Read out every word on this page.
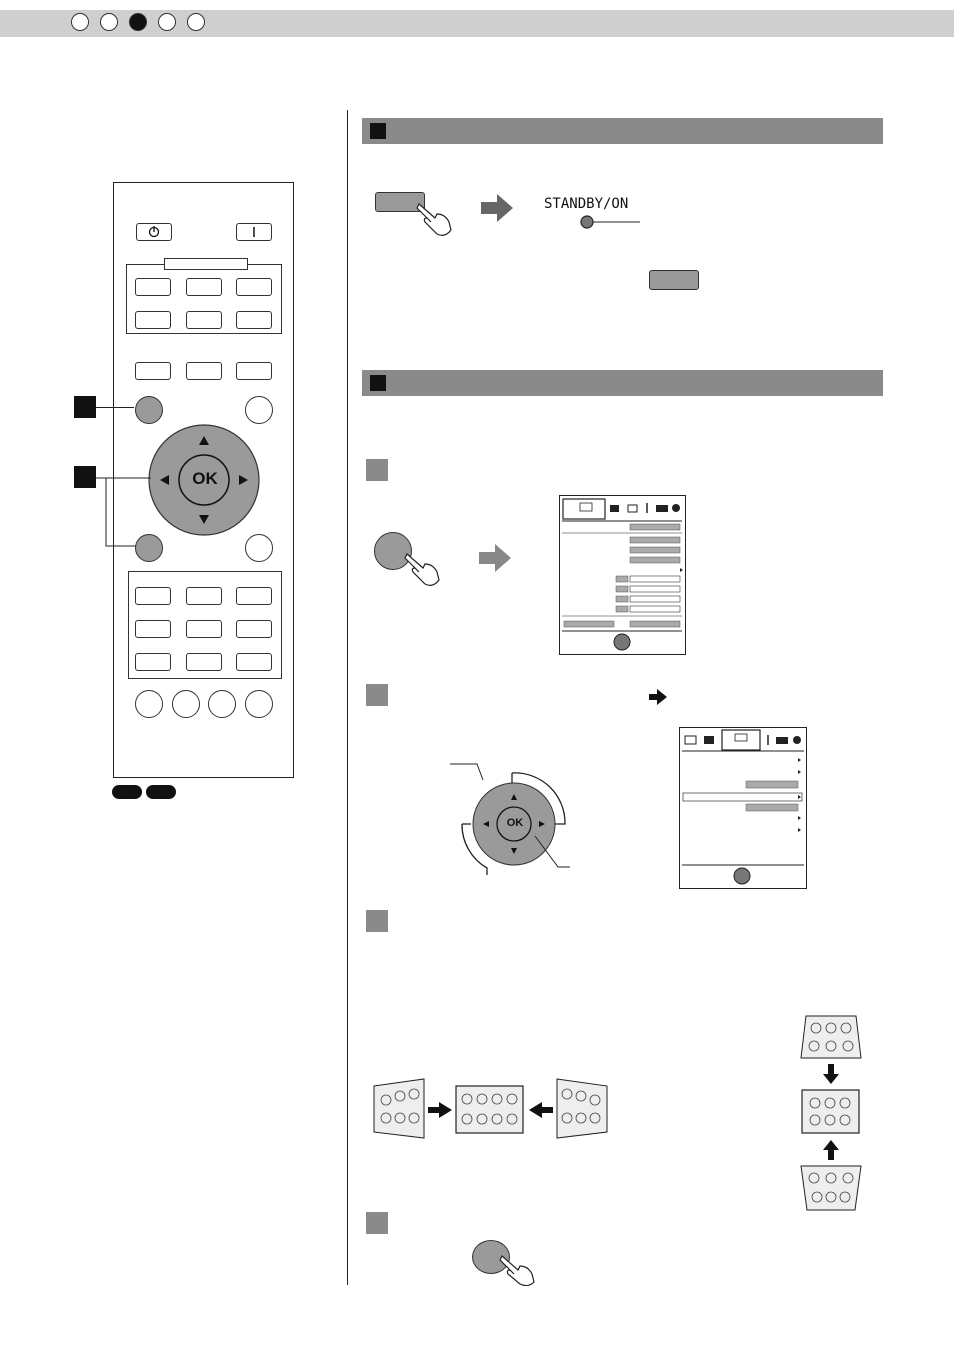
OK
STANDBY/ON
OK
